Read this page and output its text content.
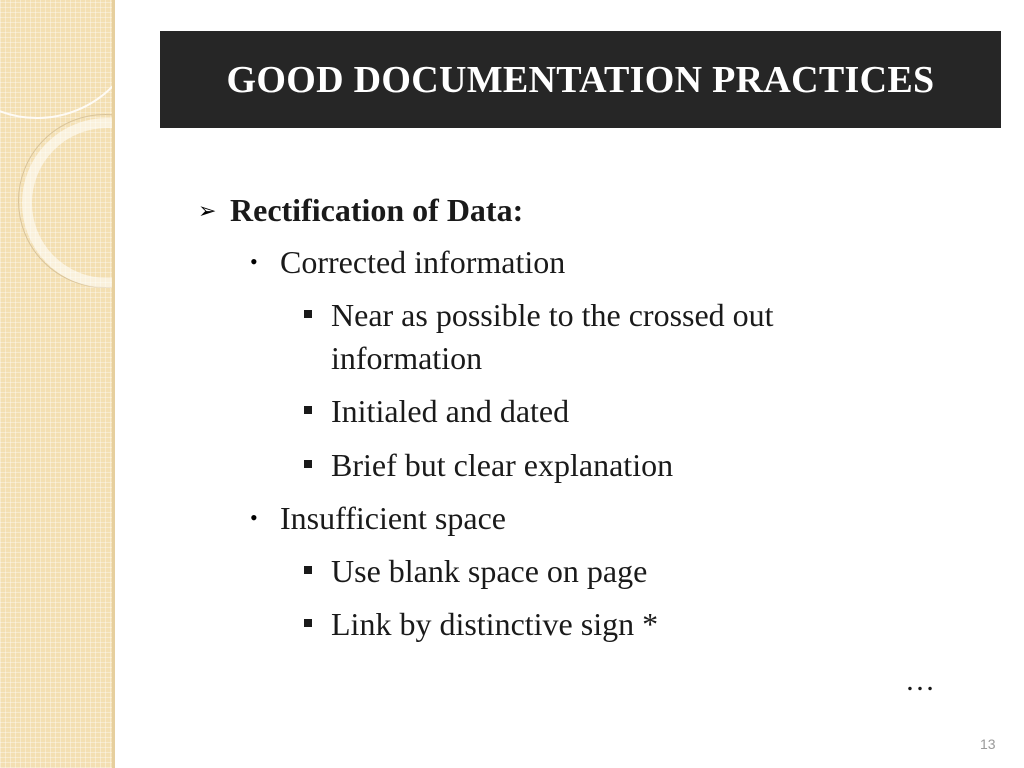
GOOD DOCUMENTATION PRACTICES
➢ Rectification of Data:
• Corrected information
Near as possible to the crossed out
information
Initialed and dated
Brief but clear explanation
• Insufficient space
Use blank space on page
Link by distinctive sign *
…
13
